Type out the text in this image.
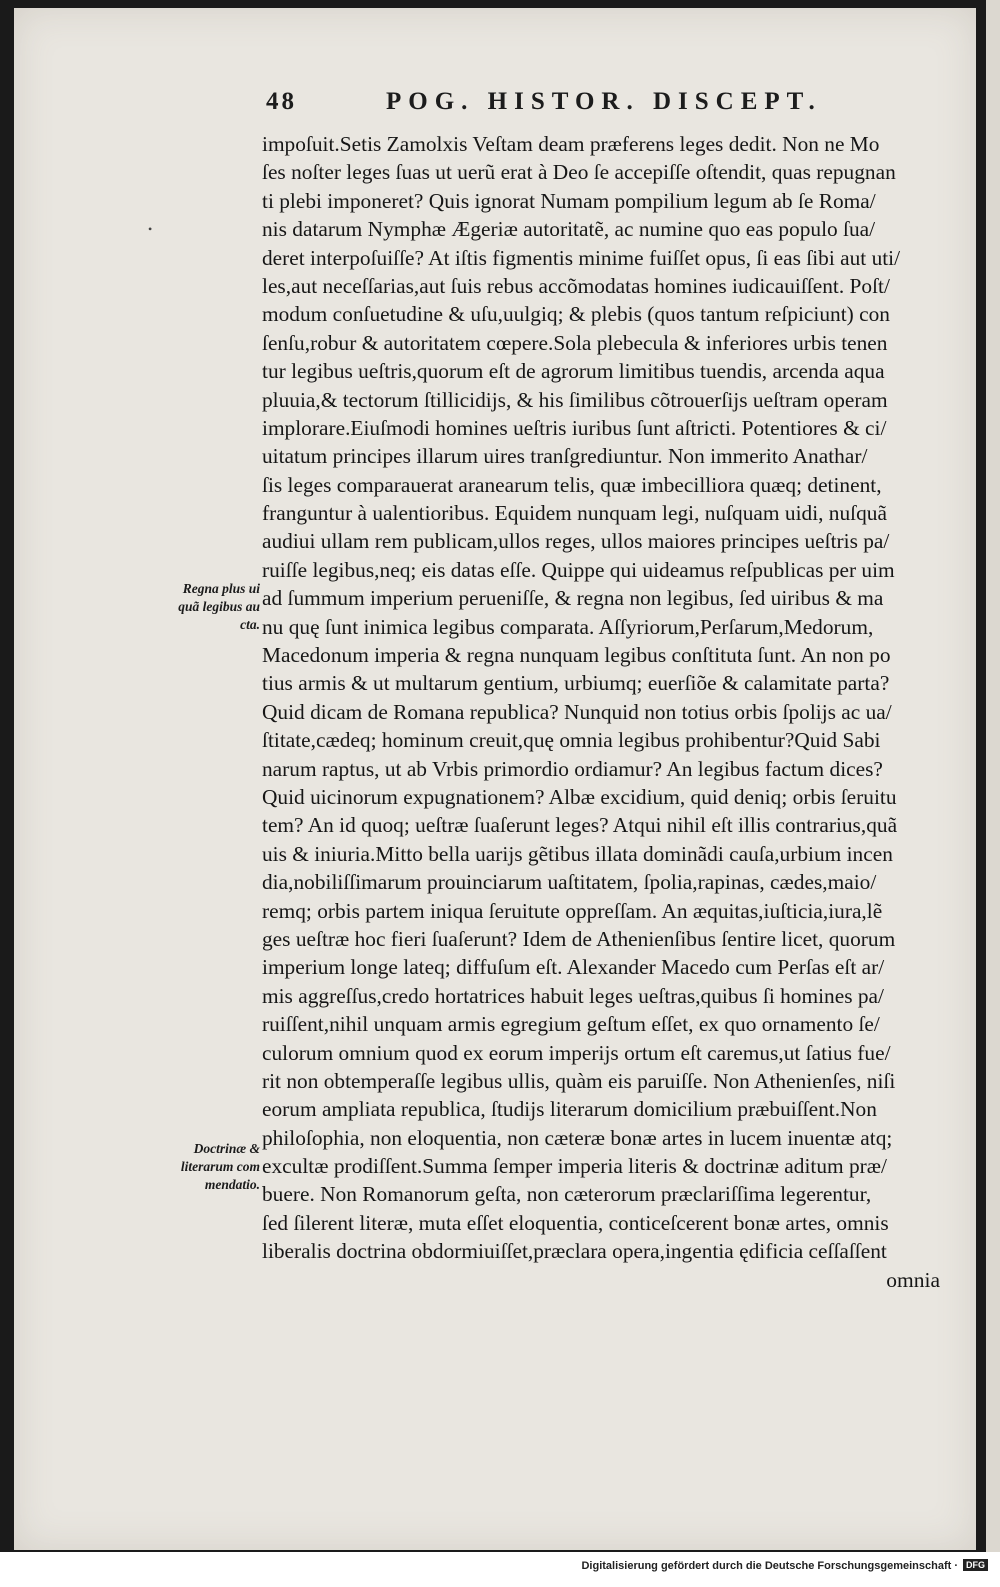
48	POG. HISTOR. DISCEPT.
•
Regna plus ui
quã legibus au
cta.
Doctrinæ &
literarum com
mendatio.
impoſuit.Setis Zamolxis Veſtam deam præferens leges dedit. Non ne Mo
ſes noſter leges ſuas ut uerũ erat à Deo ſe accepiſſe oſtendit, quas repugnan
ti plebi imponeret? Quis ignorat Numam pompilium legum ab ſe Roma/
nis datarum Nymphæ Ægeriæ autoritatẽ, ac numine quo eas populo ſua/
deret interpoſuiſſe? At iſtis figmentis minime fuiſſet opus, ſi eas ſibi aut uti/
les,aut neceſſarias,aut ſuis rebus accõmodatas homines iudicauiſſent. Poſt/
modum conſuetudine & uſu,uulgiq; & plebis (quos tantum reſpiciunt) con
ſenſu,robur & autoritatem cœpere.Sola plebecula & inferiores urbis tenen
tur legibus ueſtris,quorum eſt de agrorum limitibus tuendis, arcenda aqua
pluuia,& tectorum ſtillicidijs, & his ſimilibus cõtrouerſijs ueſtram operam
implorare.Eiuſmodi homines ueſtris iuribus ſunt aſtricti. Potentiores & ci/
uitatum principes illarum uires tranſgrediuntur. Non immerito Anathar/
ſis leges comparauerat aranearum telis, quæ imbecilliora quæq; detinent,
franguntur à ualentioribus. Equidem nunquam legi, nuſquam uidi, nuſquã
audiui ullam rem publicam,ullos reges, ullos maiores principes ueſtris pa/
ruiſſe legibus,neq; eis datas eſſe. Quippe qui uideamus reſpublicas per uim
ad ſummum imperium perueniſſe, & regna non legibus, ſed uiribus & ma
nu quę ſunt inimica legibus comparata. Aſſyriorum,Perſarum,Medorum,
Macedonum imperia & regna nunquam legibus conſtituta ſunt. An non po
tius armis & ut multarum gentium, urbiumq; euerſiõe & calamitate parta?
Quid dicam de Romana republica? Nunquid non totius orbis ſpolijs ac ua/
ſtitate,cædeq; hominum creuit,quę omnia legibus prohibentur?Quid Sabi
narum raptus, ut ab Vrbis primordio ordiamur? An legibus factum dices?
Quid uicinorum expugnationem? Albæ excidium, quid deniq; orbis ſeruitu
tem? An id quoq; ueſtræ ſuaſerunt leges? Atqui nihil eſt illis contrarius,quã
uis & iniuria.Mitto bella uarijs gẽtibus illata dominãdi cauſa,urbium incen
dia,nobiliſſimarum prouinciarum uaſtitatem, ſpolia,rapinas, cædes,maio/
remq; orbis partem iniqua ſeruitute oppreſſam. An æquitas,iuſticia,iura,lẽ
ges ueſtræ hoc fieri ſuaſerunt? Idem de Athenienſibus ſentire licet, quorum
imperium longe lateq; diffuſum eſt. Alexander Macedo cum Perſas eſt ar/
mis aggreſſus,credo hortatrices habuit leges ueſtras,quibus ſi homines pa/
ruiſſent,nihil unquam armis egregium geſtum eſſet, ex quo ornamento ſe/
culorum omnium quod ex eorum imperijs ortum eſt caremus,ut ſatius fue/
rit non obtemperaſſe legibus ullis, quàm eis paruiſſe. Non Athenienſes, niſi
eorum ampliata republica, ſtudijs literarum domicilium præbuiſſent.Non
philoſophia, non eloquentia, non cæteræ bonæ artes in lucem inuentæ atq;
excultæ prodiſſent.Summa ſemper imperia literis & doctrinæ aditum præ/
buere. Non Romanorum geſta, non cæterorum præclariſſima legerentur,
ſed ſilerent literæ, muta eſſet eloquentia, conticeſcerent bonæ artes, omnis
liberalis doctrina obdormiuiſſet,præclara opera,ingentia ędificia ceſſaſſent
omnia
Digitalisierung gefördert durch die Deutsche Forschungsgemeinschaft · DFG
